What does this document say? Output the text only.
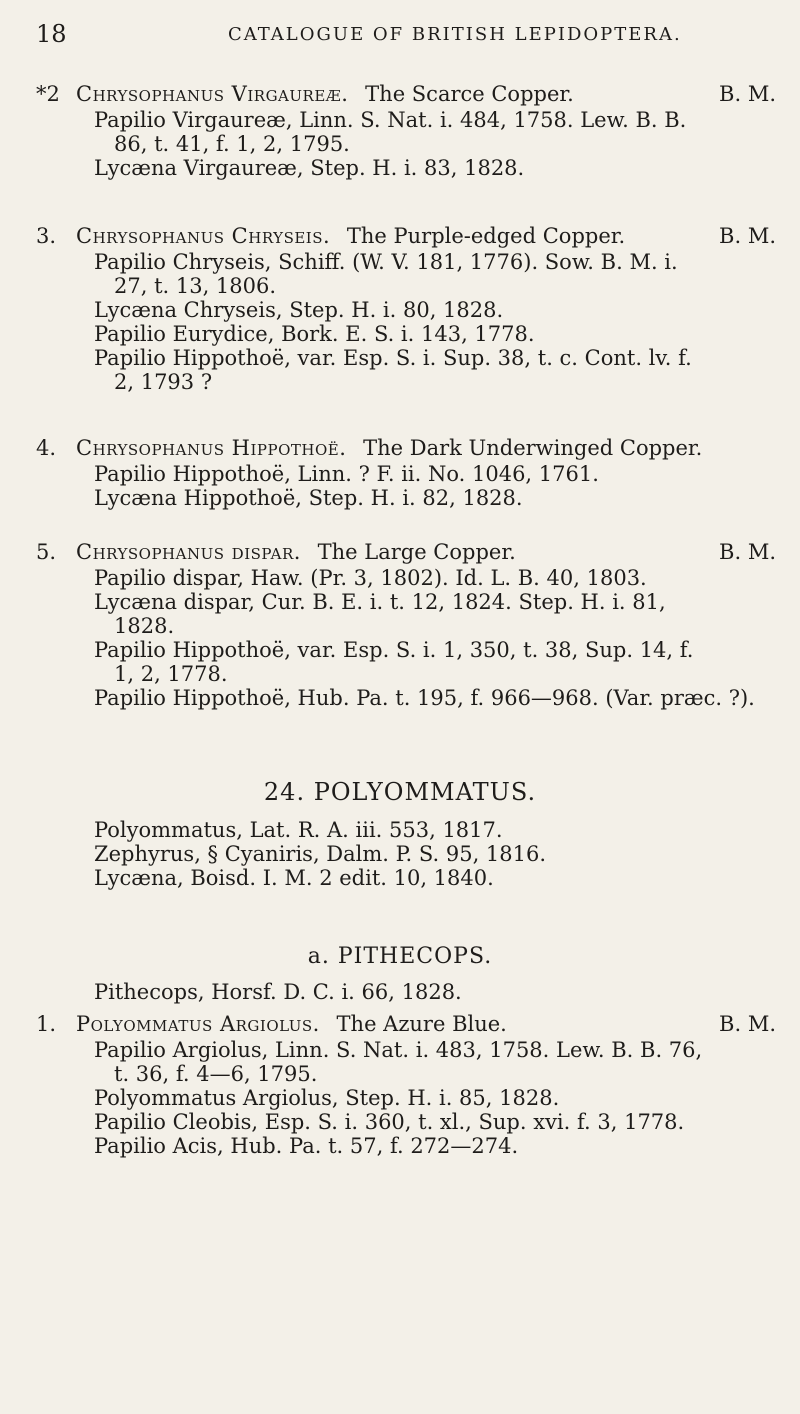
18	CATALOGUE OF BRITISH LEPIDOPTERA.
*2 Chrysophanus Virgaureæ. The Scarce Copper.	B. M.
Papilio Virgaureæ, Linn. S. Nat. i. 484, 1758. Lew. B. B.
86, t. 41, f. 1, 2, 1795.
Lycæna Virgaureæ, Step. H. i. 83, 1828.
3. Chrysophanus Chryseis. The Purple-edged Copper.	B. M.
Papilio Chryseis, Schiff. (W. V. 181, 1776). Sow. B. M. i.
27, t. 13, 1806.
Lycæna Chryseis, Step. H. i. 80, 1828.
Papilio Eurydice, Bork. E. S. i. 143, 1778.
Papilio Hippothoë, var. Esp. S. i. Sup. 38, t. c. Cont. lv. f.
2, 1793 ?
4. Chrysophanus Hippothoë. The Dark Underwinged Copper.
Papilio Hippothoë, Linn. ? F. ii. No. 1046, 1761.
Lycæna Hippothoë, Step. H. i. 82, 1828.
5. Chrysophanus dispar. The Large Copper.	B. M.
Papilio dispar, Haw. (Pr. 3, 1802). Id. L. B. 40, 1803.
Lycæna dispar, Cur. B. E. i. t. 12, 1824. Step. H. i. 81,
1828.
Papilio Hippothoë, var. Esp. S. i. 1, 350, t. 38, Sup. 14, f.
1, 2, 1778.
Papilio Hippothoë, Hub. Pa. t. 195, f. 966—968. (Var. præc. ?).
24. POLYOMMATUS.
Polyommatus, Lat. R. A. iii. 553, 1817.
Zephyrus, § Cyaniris, Dalm. P. S. 95, 1816.
Lycæna, Boisd. I. M. 2 edit. 10, 1840.
a. PITHECOPS.
Pithecops, Horsf. D. C. i. 66, 1828.
1. Polyommatus Argiolus. The Azure Blue.	B. M.
Papilio Argiolus, Linn. S. Nat. i. 483, 1758. Lew. B. B. 76,
t. 36, f. 4—6, 1795.
Polyommatus Argiolus, Step. H. i. 85, 1828.
Papilio Cleobis, Esp. S. i. 360, t. xl., Sup. xvi. f. 3, 1778.
Papilio Acis, Hub. Pa. t. 57, f. 272—274.
